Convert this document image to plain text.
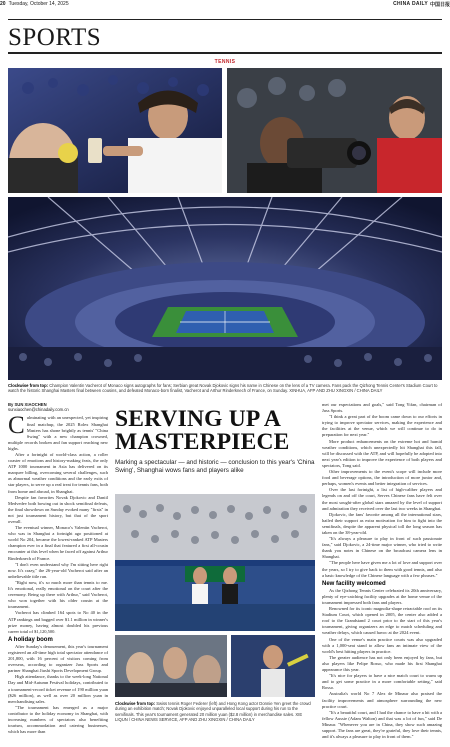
20 Tuesday, October 14, 2025	CHINA DAILY 中国日报
SPORTS
TENNIS
Clockwise from top: Champion Valentin Vacherot of Monaco signs autographs for fans; Serbian great Novak Djokovic signs his name in Chinese on the lens of a TV camera. Fans pack the Qizhong Tennis Center's Stadium Court to watch the historic Shanghai Masters final between cousins, and defeated Monaco-born finalist, Vacherot and Arthur Rinderknech of France, on Sunday. XINHUA, AFP AND ZHU XINGXIN / CHINA DAILY
By SUN XIAOCHEN
sunxiaochen@chinadaily.com.cn
C ulminating with an unexpected, yet inspiring final matchup, the 2025 Rolex Shanghai Masters has shone brightly as tennis' "China Swing" with a new champion crowned, multiple records broken and fan support reaching new highs.

After a fortnight of world-class action, a roller coaster of emotions and history-making feats, the only ATP 1000 tournament in Asia has delivered on its marquee billing, overcoming several challenges, such as abnormal weather conditions and the early exits of star players, to serve up a real treat for tennis fans, both from home and abroad, in Shanghai.

Despite fan favorites Novak Djokovic and Daniil Medvedev both bowing out in shock semifinal defeats, the final showdown on Sunday evoked many "firsts" in not just tournament history, but that of the sport overall.

The eventual winner, Monaco's Valentin Vacherot, who was in Shanghai a fortnight ago positioned at world No 204, became the lowest-ranked ATP Masters champion ever in a final that featured a first all-cousin encounter at this level when he faced off against Arthur Rinderknech of France.

"I don't even understand why I'm sitting here right now. It's crazy," the 26-year-old Vacherot said after an unbelievable title run.

"Right now, it's so much more than tennis to me. It's emotional, really emotional on the court after the ceremony. Being up there with Arthur," said Vacherot, who won together with his older cousin at the tournament.

Vacherot has climbed 164 spots to No 40 in the ATP rankings and bagged over $1.1 million in winner's prize money, having almost doubled his previous career total of $1,120,500.

A holiday boom

After Sunday's denouement, this year's tournament registered an all-time high total spectator attendance of 201,800, with 16 percent of visitors coming from overseas, according to organizer Juss Sports and partner Shanghai Jiushi Sports Development Group.

High attendance, thanks to the week-long National Day and Mid-Autumn Festival holidays, contributed to a tournament-record ticket revenue of 190 million yuan ($26 million), as well as over 20 million yuan in merchandising sales.

"The tournament has emerged as a major contributor to the holiday economy in Shanghai, with increasing numbers of spectators also benefiting tourism, accommodation and catering businesses, which has more than

SERVING UP A MASTERPIECE
Marking a spectacular — and historic — conclusion to this year's 'China Swing', Shanghai wows fans and players alike
Clockwise from top: Swiss tennis Roger Federer (left) and Hong Kong actor Donnie Yen greet the crowd during an exhibition match; Novak Djokovic enjoyed unparalleled local support during his run to the semifinals. This year's tournament generated 20 million yuan ($2.8 million) in merchandise sales. XIE LIQUN / CHINA NEWS SERVICE, AFP AND ZHU XINGXIN / CHINA DAILY

met our expectations and goals," said Tong Yifan, chairman of Juss Sports.

"I think a great part of the boom came down to our efforts in trying to improve spectator services, making the experience and the facilities at the venue, which we will continue to do in preparation for next year."

More product enhancements on the extreme hot and humid weather conditions, which unexpectedly hit Shanghai this fall, will be discussed with the ATP, and will hopefully be adopted into next year's edition to improve the experience of both players and spectators, Tong said.

Other improvements to the event's scope will include more food and beverage options, the introduction of more junior and, perhaps, women's events and better integration of services.

Over the last fortnight, a list of high-caliber players and legends on and off the court, Serves Chinese fans have felt over the most sought-after global stars amazed by the level of support and admiration they received over the last two weeks in Shanghai.

Djokovic, the fans' favorite among all the international stars, hailed their support as extra motivation for him to fight into the semifinals, despite the apparent physical toll the long season has taken on the 38-year-old.

"It's always a pleasure to play in front of such passionate fans," said Djokovic, a 24-time major winner, who tried to write thank you notes in Chinese on the broadcast camera lens in Shanghai.

"The people here have given me a lot of love and support over the years, so I try to give back to them with good tennis, and also a basic knowledge of the Chinese language with a few phrases."

New facility welcomed

As the Qizhong Tennis Center celebrated its 20th anniversary, plenty of eye-catching facility upgrades at the home venue of the tournament impressed both fans and players.

Renowned for its iconic magnolia-shape retractable roof on its Stadium Court, which opened in 2005, the center also added a roof to the Grandstand 2 court prior to the start of this year's tournament, giving organizers an edge to match scheduling and weather delays, which caused havoc at the 2024 event.

One of the venue's main practice courts was also upgraded with a 1,000-seat stand to allow fans an intimate view of the world's best hitting players in practice.

The greater audience has not only been enjoyed by fans, but also players like Felipe Rosso, who made his first Shanghai appearance this year.

"It's nice for players to have a nice match court to warm up and to get some practice in a more comfortable setting," said Rosso.

Australia's world No 7 Alex de Minaur also praised the facility improvements and atmosphere surrounding the new practice court.

"It's a beautiful court, and I had the chance to have a hit with a fellow Aussie (Adam Walton) and that was a lot of fun," said De Minaur. "Whenever you are in China, they show such amazing support. The fans are great, they're grateful, they love their tennis, and it's always a pleasure to play in front of them."
